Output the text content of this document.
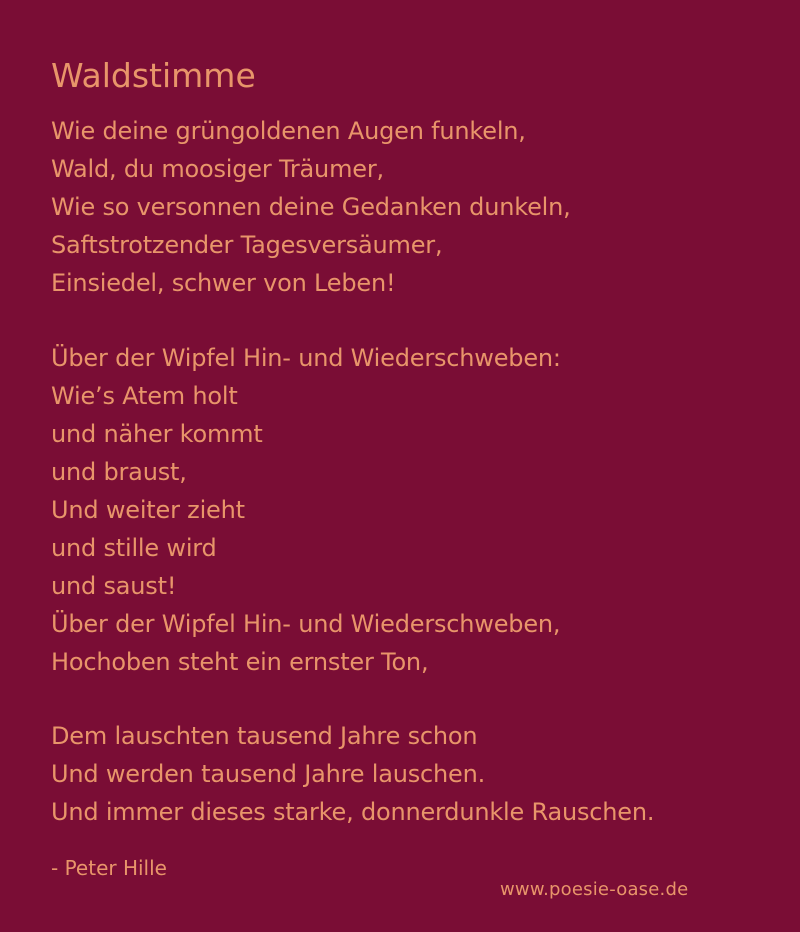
Waldstimme
Wie deine grüngoldenen Augen funkeln,
Wald, du moosiger Träumer,
Wie so versonnen deine Gedanken dunkeln,
Saftstrotzender Tagesversäumer,
Einsiedel, schwer von Leben!
Über der Wipfel Hin- und Wiederschweben:
Wie’s Atem holt
und näher kommt
und braust,
Und weiter zieht
und stille wird
und saust!
Über der Wipfel Hin- und Wiederschweben,
Hochoben steht ein ernster Ton,
Dem lauschten tausend Jahre schon
Und werden tausend Jahre lauschen.
Und immer dieses starke, donnerdunkle Rauschen.
- Peter Hille
www.poesie-oase.de
